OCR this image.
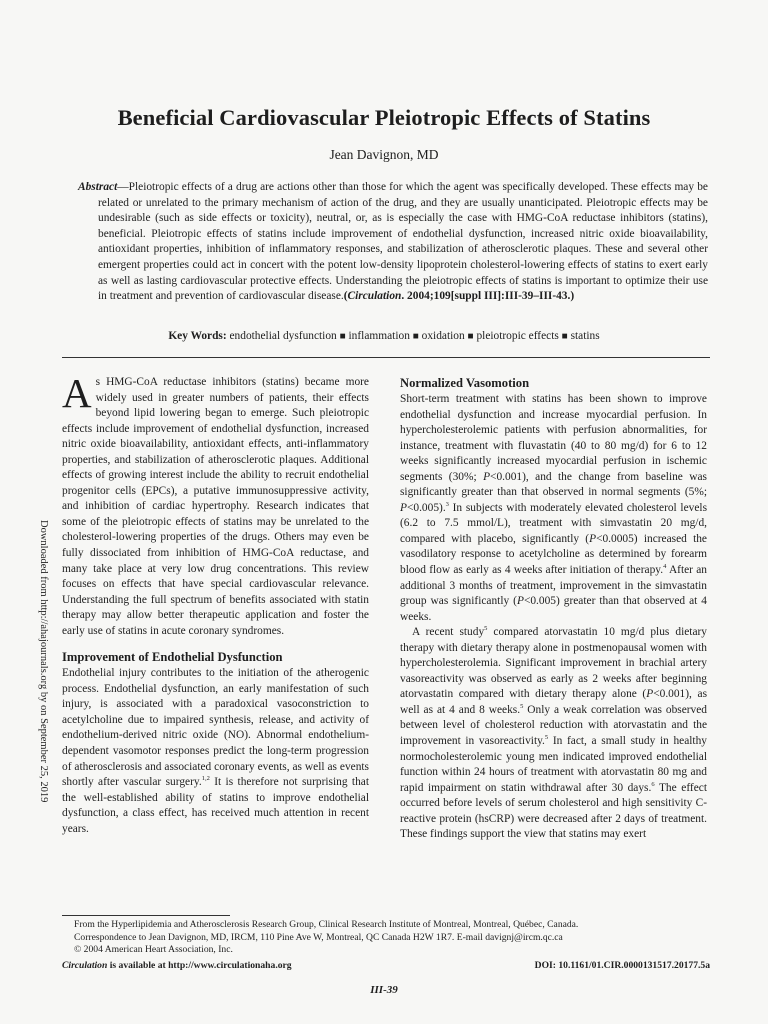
Beneficial Cardiovascular Pleiotropic Effects of Statins
Jean Davignon, MD

Abstract—Pleiotropic effects of a drug are actions other than those for which the agent was specifically developed. These effects may be related or unrelated to the primary mechanism of action of the drug, and they are usually unanticipated. Pleiotropic effects may be undesirable (such as side effects or toxicity), neutral, or, as is especially the case with HMG-CoA reductase inhibitors (statins), beneficial. Pleiotropic effects of statins include improvement of endothelial dysfunction, increased nitric oxide bioavailability, antioxidant properties, inhibition of inflammatory responses, and stabilization of atherosclerotic plaques. These and several other emergent properties could act in concert with the potent low-density lipoprotein cholesterol-lowering effects of statins to exert early as well as lasting cardiovascular protective effects. Understanding the pleiotropic effects of statins is important to optimize their use in treatment and prevention of cardiovascular disease.(Circulation. 2004;109[suppl III]:III-39–III-43.)

Key Words: endothelial dysfunction ■ inflammation ■ oxidation ■ pleiotropic effects ■ statins
Downloaded from http://ahajournals.org by on September 25, 2019

As HMG-CoA reductase inhibitors (statins) became more widely used in greater numbers of patients, their effects beyond lipid lowering began to emerge. Such pleiotropic effects include improvement of endothelial dysfunction, increased nitric oxide bioavailability, antioxidant effects, anti-inflammatory properties, and stabilization of atherosclerotic plaques. Additional effects of growing interest include the ability to recruit endothelial progenitor cells (EPCs), a putative immunosuppressive activity, and inhibition of cardiac hypertrophy. Research indicates that some of the pleiotropic effects of statins may be unrelated to the cholesterol-lowering properties of the drugs. Others may even be fully dissociated from inhibition of HMG-CoA reductase, and many take place at very low drug concentrations. This review focuses on effects that have special cardiovascular relevance. Understanding the full spectrum of benefits associated with statin therapy may allow better therapeutic application and foster the early use of statins in acute coronary syndromes.

Improvement of Endothelial Dysfunction

Endothelial injury contributes to the initiation of the atherogenic process. Endothelial dysfunction, an early manifestation of such injury, is associated with a paradoxical vasoconstriction to acetylcholine due to impaired synthesis, release, and activity of endothelium-derived nitric oxide (NO). Abnormal endothelium-dependent vasomotor responses predict the long-term progression of atherosclerosis and associated coronary events, as well as events shortly after vascular surgery.$^{1,2}$ It is therefore not surprising that the well-established ability of statins to improve endothelial dysfunction, a class effect, has received much attention in recent years.

Normalized Vasomotion

Short-term treatment with statins has been shown to improve endothelial dysfunction and increase myocardial perfusion. In hypercholesterolemic patients with perfusion abnormalities, for instance, treatment with fluvastatin (40 to 80 mg/d) for 6 to 12 weeks significantly increased myocardial perfusion in ischemic segments (30%; P<0.001), and the change from baseline was significantly greater than that observed in normal segments (5%; P<0.005).$^3$ In subjects with moderately elevated cholesterol levels (6.2 to 7.5 mmol/L), treatment with simvastatin 20 mg/d, compared with placebo, significantly (P<0.0005) increased the vasodilatory response to acetylcholine as determined by forearm blood flow as early as 4 weeks after initiation of therapy.$^4$ After an additional 3 months of treatment, improvement in the simvastatin group was significantly (P<0.005) greater than that observed at 4 weeks.

A recent study$^5$ compared atorvastatin 10 mg/d plus dietary therapy with dietary therapy alone in postmenopausal women with hypercholesterolemia. Significant improvement in brachial artery vasoreactivity was observed as early as 2 weeks after beginning atorvastatin compared with dietary therapy alone (P<0.001), as well as at 4 and 8 weeks.$^5$ Only a weak correlation was observed between level of cholesterol reduction with atorvastatin and the improvement in vasoreactivity.$^5$ In fact, a small study in healthy normocholesterolemic young men indicated improved endothelial function within 24 hours of treatment with atorvastatin 80 mg and rapid impairment on statin withdrawal after 30 days.$^6$ The effect occurred before levels of serum cholesterol and high sensitivity C-reactive protein (hsCRP) were decreased after 2 days of treatment. These findings support the view that statins may exert

From the Hyperlipidemia and Atherosclerosis Research Group, Clinical Research Institute of Montreal, Montreal, Québec, Canada.
Correspondence to Jean Davignon, MD, IRCM, 110 Pine Ave W, Montreal, QC Canada H2W 1R7. E-mail davignj@ircm.qc.ca
© 2004 American Heart Association, Inc.
Circulation is available at http://www.circulationaha.org	DOI: 10.1161/01.CIR.0000131517.20177.5a
III-39
